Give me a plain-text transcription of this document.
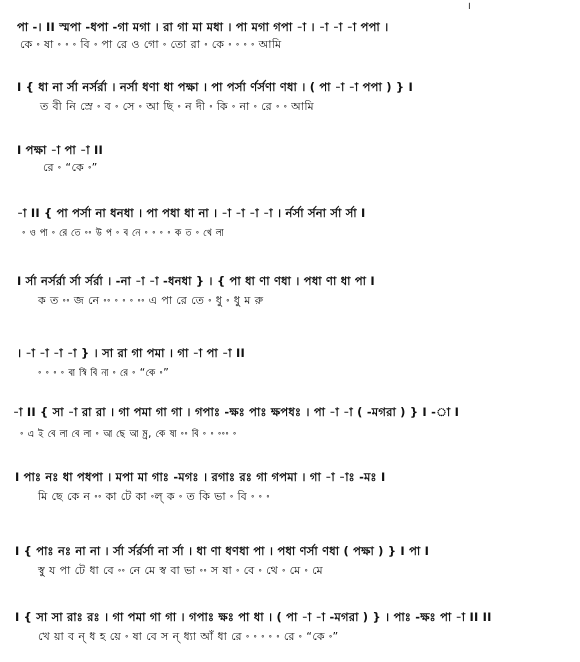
।
পা -। II স্মপা -ধপা -গা মগা । রা গা মা মধা । পা মগা গপা -া । -া -া -া পপা ।
কে ৽ ষা ৽ ৽ ৽ বি ৽ পা রে ও গো ৽ তো রা ৽ কে ৽ ৽ ৽ ৽ আমি
I { ধা না র্সা নর্সর্রা । নর্সা ধণা ধা পক্ষা । পা পর্সা র্ণর্সণা ণধা । ( পা -া -া পপা ) } I
ত বী নি স্রে ৽ ব ৽ সে ৽ আ ছি ৽ ন দী ৽ কি ৽ না ৽ রে ৽ ৽ আমি
I পক্ষা -া পা -া II
রে ৽ “কে ৽”
-া II { পা পর্সা না ধনধা । পা পধা ধা না । -া -া -া -া । র্নর্সা র্সনা র্সা র্সা I
৽ ও পা ৽ রে তে ৽৽ উ প ৽ ব নে ৽ ৽ ৽ ৽ ক ত ৽ খে লা
I র্সা নর্সর্রা র্সা র্সর্রা । -না -া -া -ধনধা } । { পা ধা ণা ণধা । পধা ণা ধা পা I
ক ত ৽৽ জ নে ৽৽ ৽ ৽ ৽ ৽৽ এ পা রে তে ৽ ধু ৽ ধু ম রু
। -া -া -া -া } । সা রা গা পমা । গা -া পা -া II
৽ ৽ ৽ ৽ বা স্বি বি না ৽ রে ৽ “কে ৽”
-া II { সা -া রা রা । গা পমা গা গা । গপাঃ -ক্ষঃ পাঃ ক্ষপধঃ । পা -া -া ( -মগরা ) } I -া I
৽ এ ই বে লা বে লা ৽ আ ছে আ ম্র, কে ষা ৽৽ বি ৽ ৽ ৽৽৽ ৽
I পাঃ নঃ ধা পধপা । মপা মা গাঃ -মগঃ । রগাঃ রঃ গা গপমা । গা -া -াঃ -মঃ I
মি ছে কে ন ৽৽ কা টে কা ৽ল্ ক ৽ ত কি ভা ৽ বি ৽ ৽ ৽
I { পাঃ নঃ না না । র্সা র্সর্রর্সা না র্সা । ধা ণা ধণধা পা । পধা ণর্সা ণধা ( পক্ষা ) } I পা I
স্বু য পা টে ধা বে ৽৽ নে মে স্ব বা ভা ৽৽ স ষা ৽ বে ৽ থে ৽ মে ৽ মে
I { সা সা রাঃ রঃ । গা পমা গা গা । গপাঃ ক্ষঃ পা ধা । ( পা -া -া -মগরা ) } । পাঃ -ক্ষঃ পা -া II II
খে য়া ব ন্ ধ হ য়ে ৽ ষা বে স ন্ ধ্যা আঁ ধা রে ৽ ৽ ৽ ৽ ৽ রে ৽ “কে ৽”
